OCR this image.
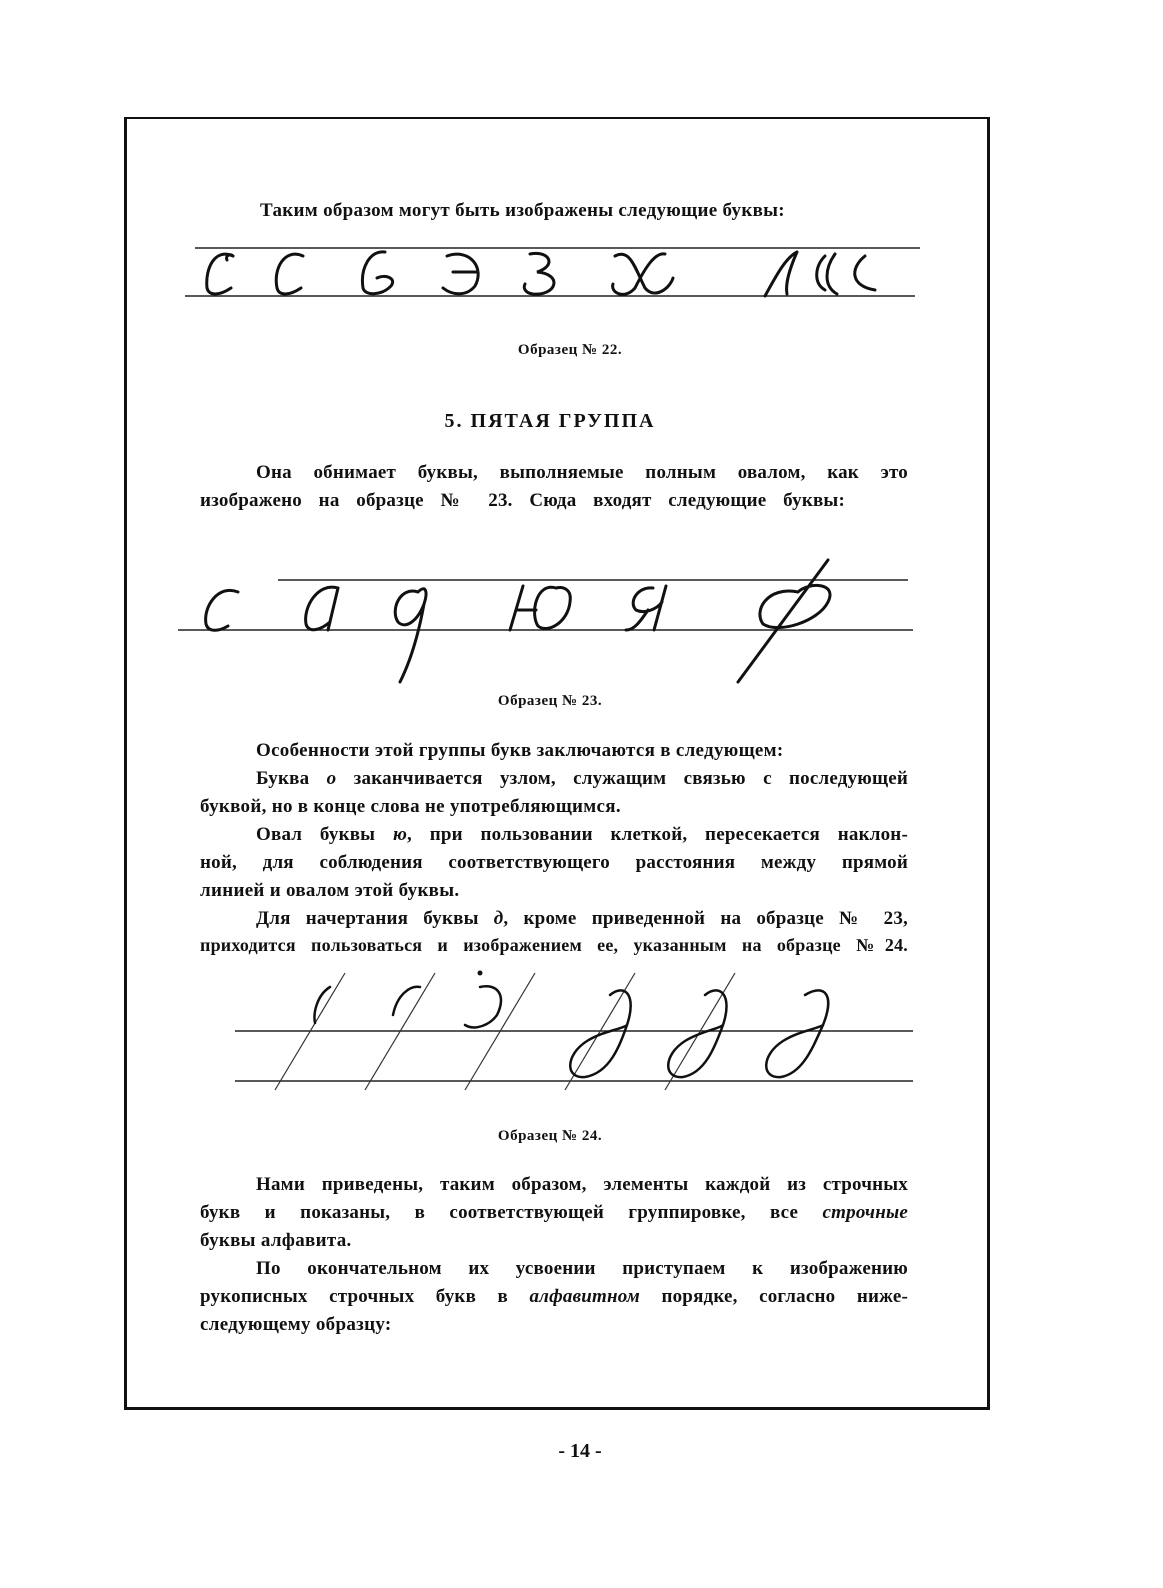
Таким образом могут быть изображены следующие буквы:
Образец № 22.
5. ПЯТАЯ ГРУППА
Она обнимает буквы, выполняемые полным овалом, как это
изображено на образце № 23. Сюда входят следующие буквы:
Образец № 23.
Особенности этой группы букв заключаются в следующем:
Буква о заканчивается узлом, служащим связью с последующей
буквой, но в конце слова не употребляющимся.
Овал буквы ю, при пользовании клеткой, пересекается наклон-
ной, для соблюдения соответствующего расстояния между прямой
линией и овалом этой буквы.
Для начертания буквы д, кроме приведенной на образце № 23,
приходится пользоваться и изображением ее, указанным на образце №24.
Образец № 24.
Нами приведены, таким образом, элементы каждой из строчных
букв и показаны, в соответствующей группировке, все строчные
буквы алфавита.
По окончательном их усвоении приступаем к изображению
рукописных строчных букв в алфавитном порядке, согласно ниже-
следующему образцу:
- 14 -
